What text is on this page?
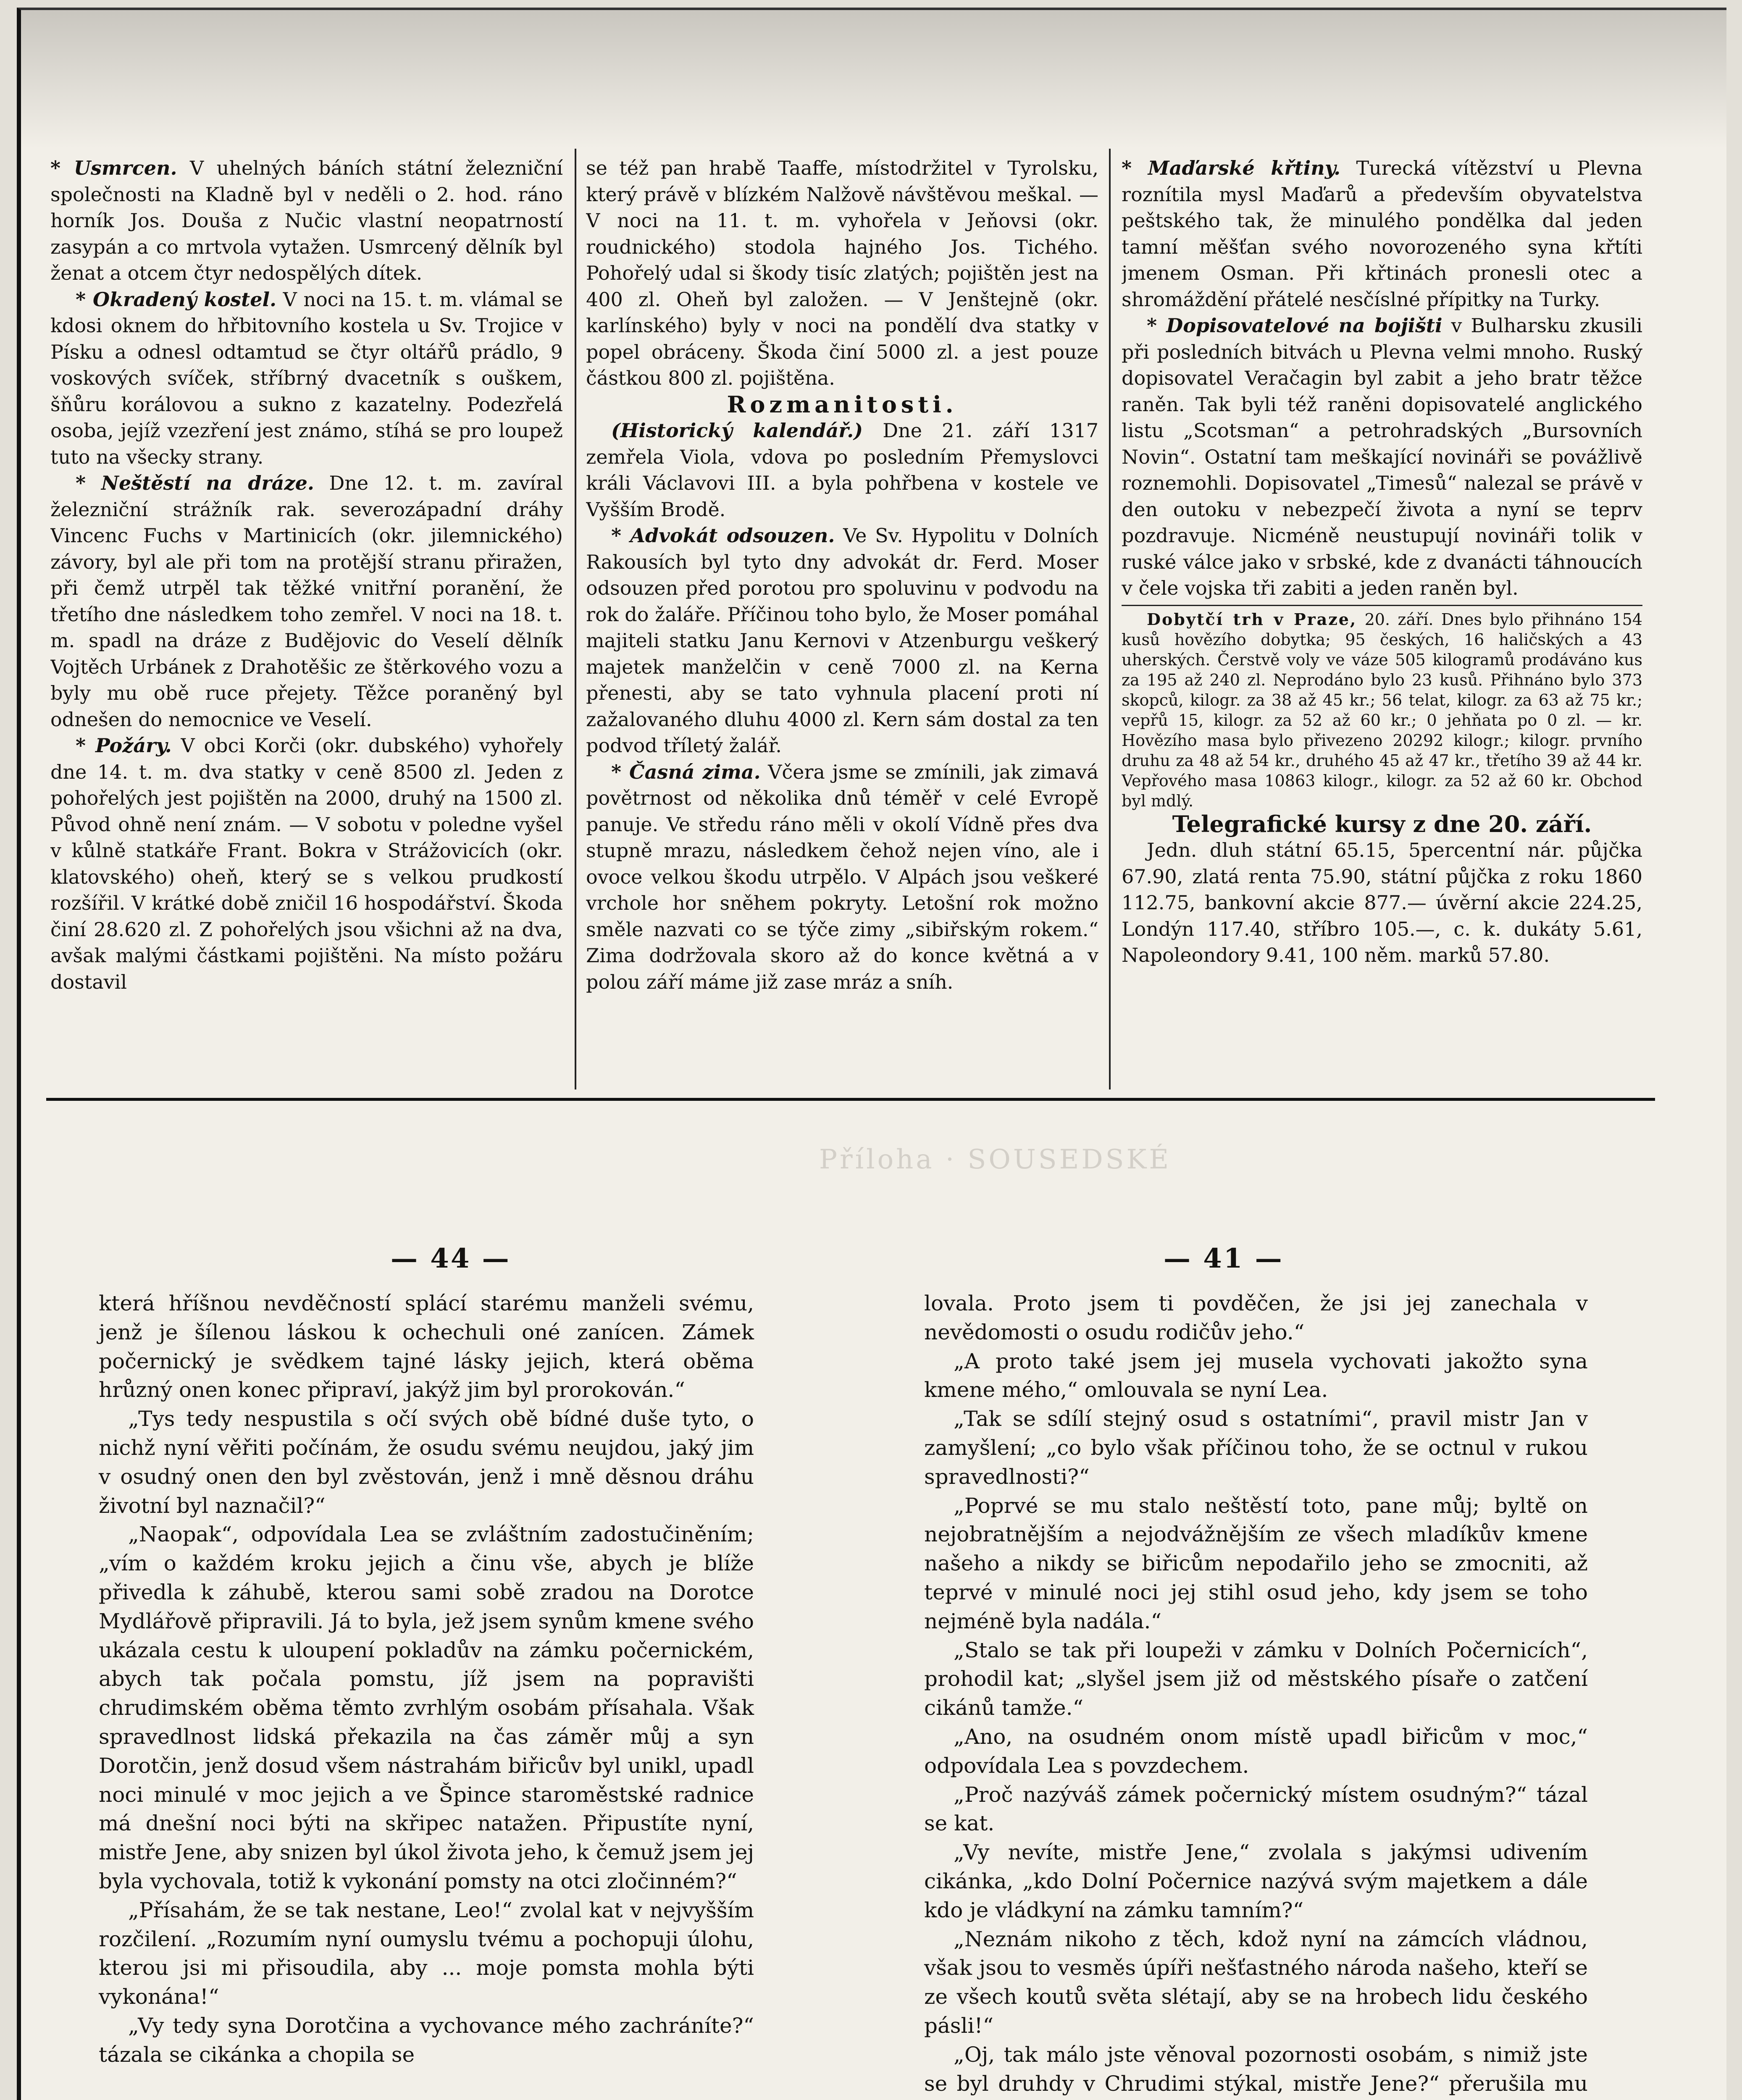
* Usmrcen. V uhelných báních státní železniční společnosti na Kladně byl v neděli o 2. hod. ráno horník Jos. Douša z Nučic vlastní neopatrností zasypán a co mrtvola vytažen. Usmrcený dělník byl ženat a otcem čtyr nedospělých dítek.

* Okradený kostel. V noci na 15. t. m. vlámal se kdosi oknem do hřbitovního kostela u Sv. Trojice v Písku a odnesl odtamtud se čtyr oltářů prádlo, 9 voskových svíček, stříbrný dvacetník s ouškem, šňůru korálovou a sukno z kazatelny. Podezřelá osoba, jejíž vzezření jest známo, stíhá se pro loupež tuto na všecky strany.

* Neštěstí na dráze. Dne 12. t. m. zavíral železniční strážník rak. severozápadní dráhy Vincenc Fuchs v Martinicích (okr. jilemnického) závory, byl ale při tom na protější stranu přiražen, při čemž utrpěl tak těžké vnitřní poranění, že třetího dne následkem toho zemřel. V noci na 18. t. m. spadl na dráze z Budějovic do Veselí dělník Vojtěch Urbánek z Drahotěšic ze štěrkového vozu a byly mu obě ruce přejety. Těžce poraněný byl odnešen do nemocnice ve Veselí.

* Požáry. V obci Korči (okr. dubského) vyhořely dne 14. t. m. dva statky v ceně 8500 zl. Jeden z pohořelých jest pojištěn na 2000, druhý na 1500 zl. Původ ohně není znám. — V sobotu v poledne vyšel v kůlně statkáře Frant. Bokra v Strážovicích (okr. klatovského) oheň, který se s velkou prudkostí rozšířil. V krátké době zničil 16 hospodářství. Škoda činí 28.620 zl. Z pohořelých jsou všichni až na dva, avšak malými částkami pojištěni. Na místo požáru dostavil

se též pan hrabě Taaffe, místodržitel v Tyrolsku, který právě v blízkém Nalžově návštěvou meškal. — V noci na 11. t. m. vyhořela v Jeňovsi (okr. roudnického) stodola hajného Jos. Tichého. Pohořelý udal si škody tisíc zlatých; pojištěn jest na 400 zl. Oheň byl založen. — V Jenštejně (okr. karlínského) byly v noci na pondělí dva statky v popel obráceny. Škoda činí 5000 zl. a jest pouze částkou 800 zl. pojištěna.

Rozmanitosti.

(Historický kalendář.) Dne 21. září 1317 zemřela Viola, vdova po posledním Přemyslovci králi Václavovi III. a byla pohřbena v kostele ve Vyšším Brodě.

* Advokát odsouzen. Ve Sv. Hypolitu v Dolních Rakousích byl tyto dny advokát dr. Ferd. Moser odsouzen před porotou pro spoluvinu v podvodu na rok do žaláře. Příčinou toho bylo, že Moser pomáhal majiteli statku Janu Kernovi v Atzenburgu veškerý majetek manželčin v ceně 7000 zl. na Kerna přenesti, aby se tato vyhnula placení proti ní zažalovaného dluhu 4000 zl. Kern sám dostal za ten podvod tříletý žalář.

* Časná zima. Včera jsme se zmínili, jak zimavá povětrnost od několika dnů téměř v celé Evropě panuje. Ve středu ráno měli v okolí Vídně přes dva stupně mrazu, následkem čehož nejen víno, ale i ovoce velkou škodu utrpělo. V Alpách jsou veškeré vrchole hor sněhem pokryty. Letošní rok možno směle nazvati co se týče zimy „sibiřským rokem.“ Zima dodržovala skoro až do konce květná a v polou září máme již zase mráz a sníh.

* Maďarské křtiny. Turecká vítězství u Plevna roznítila mysl Maďarů a především obyvatelstva peštského tak, že minulého pondělka dal jeden tamní měšťan svého novorozeného syna křtíti jmenem Osman. Při křtinách pronesli otec a shromáždění přátelé nesčíslné přípitky na Turky.

* Dopisovatelové na bojišti v Bulharsku zkusili při posledních bitvách u Plevna velmi mnoho. Ruský dopisovatel Veračagin byl zabit a jeho bratr těžce raněn. Tak byli též raněni dopisovatelé anglického listu „Scotsman“ a petrohradských „Bursovních Novin“. Ostatní tam meškající novináři se povážlivě roznemohli. Dopisovatel „Timesů“ nalezal se právě v den outoku v nebezpečí života a nyní se teprv pozdravuje. Nicméně neustupují novináři tolik v ruské válce jako v srbské, kde z dvanácti táhnoucích v čele vojska tři zabiti a jeden raněn byl.

Dobytčí trh v Praze, 20. září. Dnes bylo přihnáno 154 kusů hovězího dobytka; 95 českých, 16 haličských a 43 uherských. Čerstvě voly ve váze 505 kilogramů prodáváno kus za 195 až 240 zl. Neprodáno bylo 23 kusů. Přihnáno bylo 373 skopců, kilogr. za 38 až 45 kr.; 56 telat, kilogr. za 63 až 75 kr.; vepřů 15, kilogr. za 52 až 60 kr.; 0 jehňata po 0 zl. — kr. Hovězího masa bylo přivezeno 20292 kilogr.; kilogr. prvního druhu za 48 až 54 kr., druhého 45 až 47 kr., třetího 39 až 44 kr. Vepřového masa 10863 kilogr., kilogr. za 52 až 60 kr. Obchod byl mdlý.

Telegrafické kursy z dne 20. září.

Jedn. dluh státní 65.15, 5percentní nár. půjčka 67.90, zlatá renta 75.90, státní půjčka z roku 1860 112.75, bankovní akcie 877.— úvěrní akcie 224.25, Londýn 117.40, stříbro 105.—, c. k. dukáty 5.61, Napoleondory 9.41, 100 něm. marků 57.80.

Příloha · SOUSEDSKÉ
— 44 —	— 41 —

která hříšnou nevděčností splácí starému manželi svému, jenž je šílenou láskou k ochechuli oné zanícen. Zámek počernický je svědkem tajné lásky jejich, která oběma hrůzný onen konec připraví, jakýž jim byl prorokován.“

„Tys tedy nespustila s očí svých obě bídné duše tyto, o nichž nyní věřiti počínám, že osudu svému neujdou, jaký jim v osudný onen den byl zvěstován, jenž i mně děsnou dráhu životní byl naznačil?“

„Naopak“, odpovídala Lea se zvláštním zadostučiněním; „vím o každém kroku jejich a činu vše, abych je blíže přivedla k záhubě, kterou sami sobě zradou na Dorotce Mydlářově připravili. Já to byla, jež jsem synům kmene svého ukázala cestu k uloupení pokladův na zámku počernickém, abych tak počala pomstu, jíž jsem na popravišti chrudimském oběma těmto zvrhlým osobám přísahala. Však spravedlnost lidská překazila na čas záměr můj a syn Dorotčin, jenž dosud všem nástrahám biřicův byl unikl, upadl noci minulé v moc jejich a ve Špince staroměstské radnice má dnešní noci býti na skřipec natažen. Připustíte nyní, mistře Jene, aby snizen byl úkol života jeho, k čemuž jsem jej byla vychovala, totiž k vykonání pomsty na otci zločinném?“

„Přísahám, že se tak nestane, Leo!“ zvolal kat v nejvyšším rozčilení. „Rozumím nyní oumyslu tvému a pochopuji úlohu, kterou jsi mi přisoudila, aby ... moje pomsta mohla býti vykonána!“

„Vy tedy syna Dorotčina a vychovance mého zachráníte?“ tázala se cikánka a chopila se

lovala. Proto jsem ti povděčen, že jsi jej zanechala v nevědomosti o osudu rodičův jeho.“

„A proto také jsem jej musela vychovati jakožto syna kmene mého,“ omlouvala se nyní Lea.

„Tak se sdílí stejný osud s ostatními“, pravil mistr Jan v zamyšlení; „co bylo však příčinou toho, že se octnul v rukou spravedlnosti?“

„Poprvé se mu stalo neštěstí toto, pane můj; byltě on nejobratnějším a nejodvážnějším ze všech mladíkův kmene našeho a nikdy se biřicům nepodařilo jeho se zmocniti, až teprvé v minulé noci jej stihl osud jeho, kdy jsem se toho nejméně byla nadála.“

„Stalo se tak při loupeži v zámku v Dolních Počernicích“, prohodil kat; „slyšel jsem již od městského písaře o zatčení cikánů tamže.“

„Ano, na osudném onom místě upadl biřicům v moc,“ odpovídala Lea s povzdechem.

„Proč nazýváš zámek počernický místem osudným?“ tázal se kat.

„Vy nevíte, mistře Jene,“ zvolala s jakýmsi udivením cikánka, „kdo Dolní Počernice nazývá svým majetkem a dále kdo je vládkyní na zámku tamním?“

„Neznám nikoho z těch, kdož nyní na zámcích vládnou, však jsou to vesměs úpíři nešťastného národa našeho, kteří se ze všech koutů světa slétají, aby se na hrobech lidu českého pásli!“

„Oj, tak málo jste věnoval pozornosti osobám, s nimiž jste se byl druhdy v Chrudimi stýkal, mistře Jene?“ přerušila mu
